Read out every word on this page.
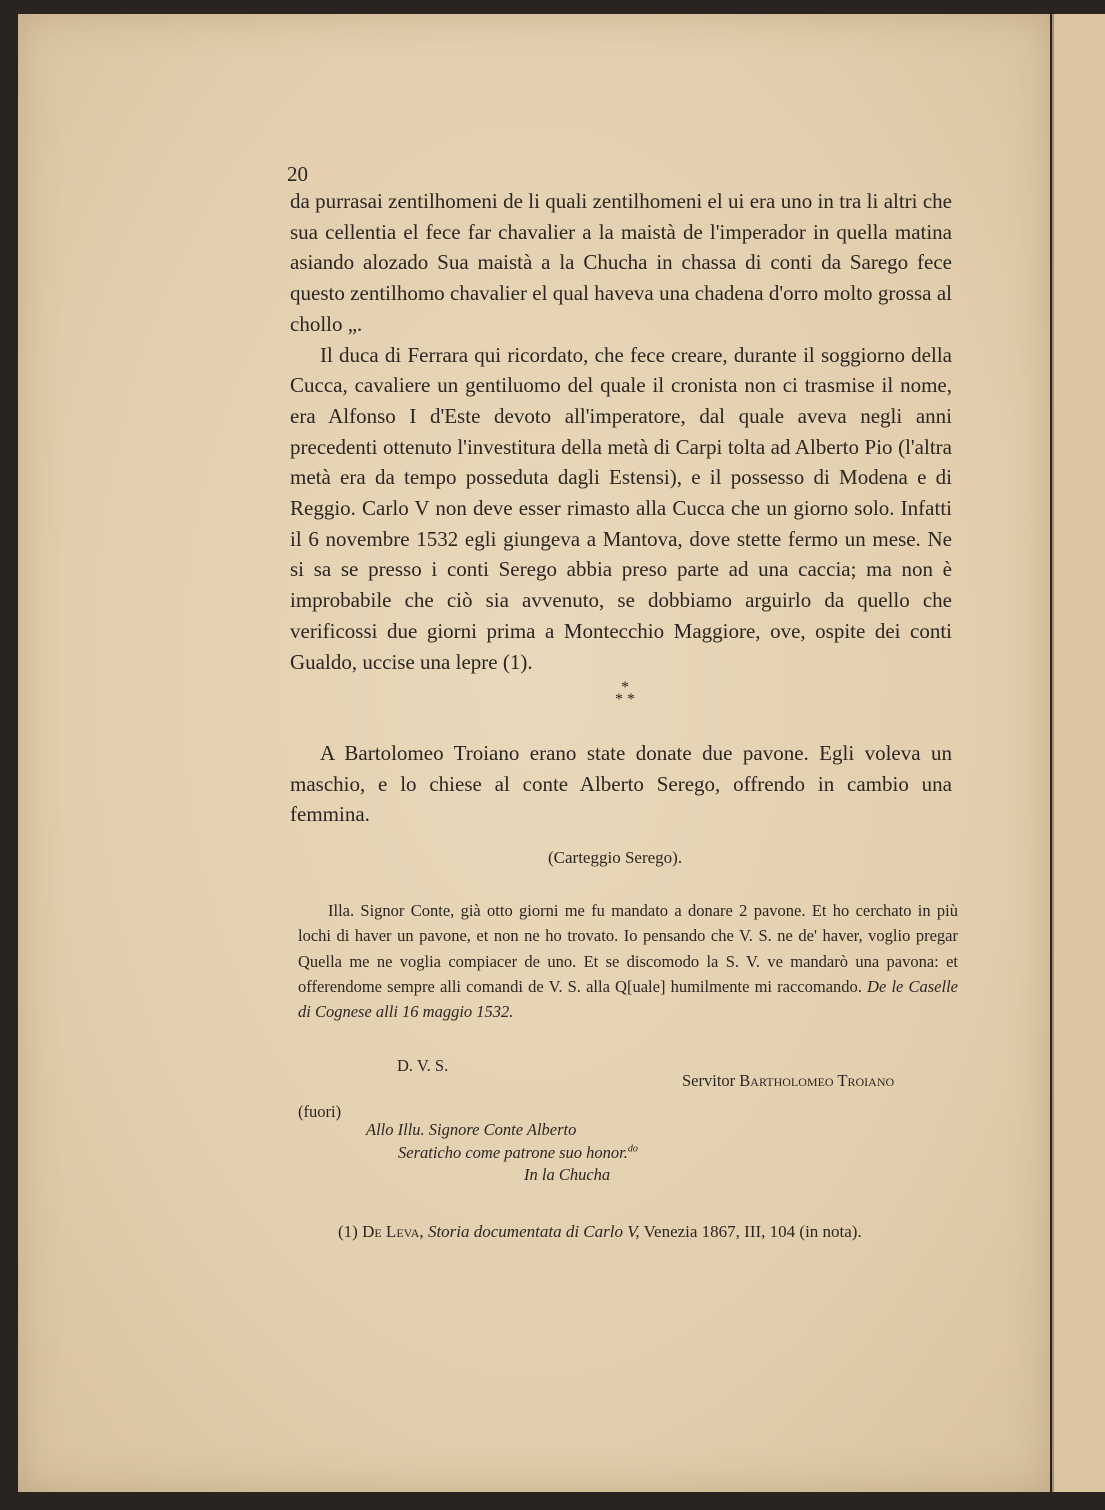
20

da purrasai zentilhomeni de li quali zentilhomeni el ui era uno in tra li altri che sua cellentia el fece far chavalier a la maistà de l'imperador in quella matina asiando alozado Sua maistà a la Chucha in chassa di conti da Sarego fece questo zentilhomo chavalier el qual haveva una chadena d'orro molto grossa al chollo „.

Il duca di Ferrara qui ricordato, che fece creare, durante il soggiorno della Cucca, cavaliere un gentiluomo del quale il cronista non ci trasmise il nome, era Alfonso I d'Este devoto all'imperatore, dal quale aveva negli anni precedenti ottenuto l'investitura della metà di Carpi tolta ad Alberto Pio (l'altra metà era da tempo posseduta dagli Estensi), e il possesso di Modena e di Reggio. Carlo V non deve esser rimasto alla Cucca che un giorno solo. Infatti il 6 novembre 1532 egli giungeva a Mantova, dove stette fermo un mese. Ne si sa se presso i conti Serego abbia preso parte ad una caccia; ma non è improbabile che ciò sia avvenuto, se dobbiamo arguirlo da quello che verificossi due giorni prima a Montecchio Maggiore, ove, ospite dei conti Gualdo, uccise una lepre (1).

*
* *

A Bartolomeo Troiano erano state donate due pavone. Egli voleva un maschio, e lo chiese al conte Alberto Serego, offrendo in cambio una femmina.

(Carteggio Serego).

Illa. Signor Conte, già otto giorni me fu mandato a donare 2 pavone. Et ho cerchato in più lochi di haver un pavone, et non ne ho trovato. Io pensando che V. S. ne de' haver, voglio pregar Quella me ne voglia compiacer de uno. Et se discomodo la S. V. ve mandarò una pavona: et offerendome sempre alli comandi de V. S. alla Q[uale] humilmente mi raccomando. De le Caselle di Cognese alli 16 maggio 1532.

D. V. S.
Servitor Bartholomeo Troiano
(fuori)
Allo Illu. Signore Conte Alberto
Seraticho come patrone suo honor.$^{do}$
In la Chucha
(1) De Leva, Storia documentata di Carlo V, Venezia 1867, III, 104 (in nota).
